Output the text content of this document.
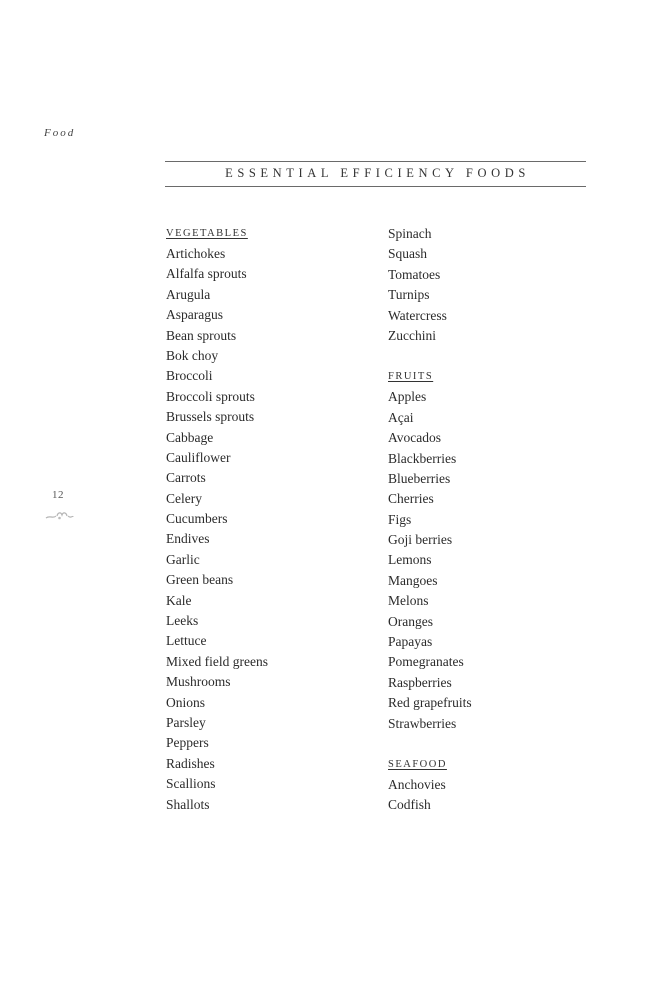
Food
ESSENTIAL EFFICIENCY FOODS
12
VEGETABLES
Artichokes
Alfalfa sprouts
Arugula
Asparagus
Bean sprouts
Bok choy
Broccoli
Broccoli sprouts
Brussels sprouts
Cabbage
Cauliflower
Carrots
Celery
Cucumbers
Endives
Garlic
Green beans
Kale
Leeks
Lettuce
Mixed field greens
Mushrooms
Onions
Parsley
Peppers
Radishes
Scallions
Shallots
Spinach
Squash
Tomatoes
Turnips
Watercress
Zucchini
FRUITS
Apples
Açai
Avocados
Blackberries
Blueberries
Cherries
Figs
Goji berries
Lemons
Mangoes
Melons
Oranges
Papayas
Pomegranates
Raspberries
Red grapefruits
Strawberries
SEAFOOD
Anchovies
Codfish
